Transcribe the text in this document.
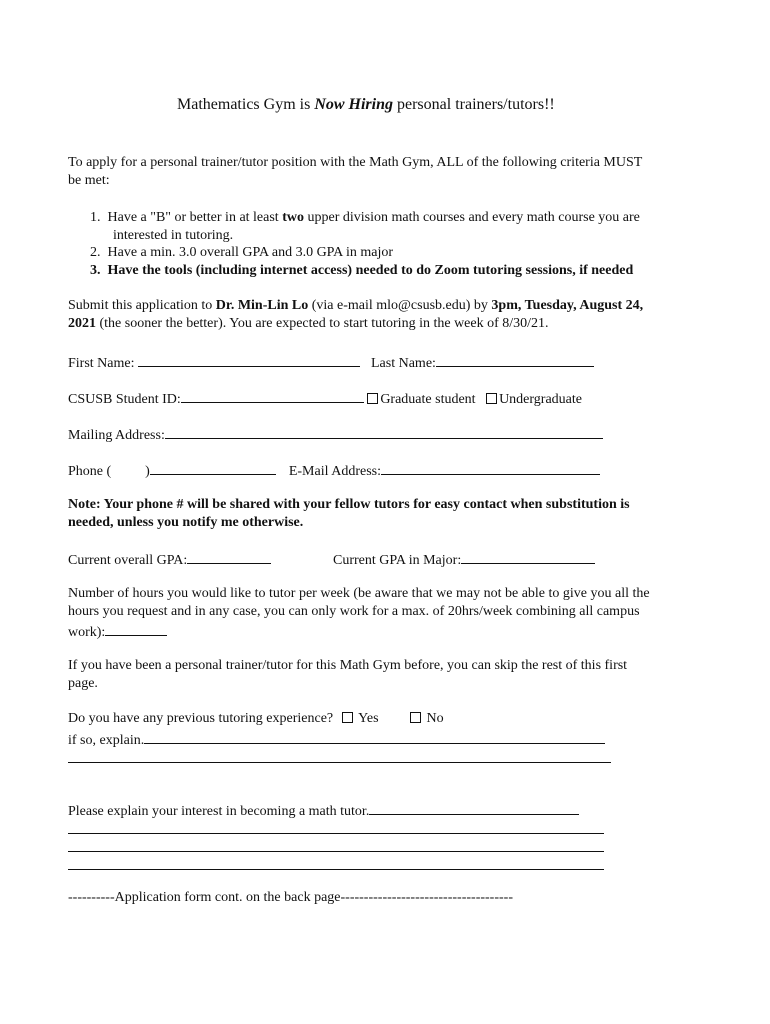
Mathematics Gym is Now Hiring personal trainers/tutors!!
To apply for a personal trainer/tutor position with the Math Gym, ALL of the following criteria MUST
be met:
1. Have a "B" or better in at least two upper division math courses and every math course you are
interested in tutoring.
2. Have a min. 3.0 overall GPA and 3.0 GPA in major
3. Have the tools (including internet access) needed to do Zoom tutoring sessions, if needed
Submit this application to Dr. Min-Lin Lo (via e-mail mlo@csusb.edu) by 3pm, Tuesday, August 24,
2021 (the sooner the better). You are expected to start tutoring in the week of 8/30/21.
First Name:	Last Name:
CSUSB Student ID:	Graduate student Undergraduate
Mailing Address:
Phone ( )	E-Mail Address:
Note: Your phone # will be shared with your fellow tutors for easy contact when substitution is
needed, unless you notify me otherwise.
Current overall GPA:	Current GPA in Major:
Number of hours you would like to tutor per week (be aware that we may not be able to give you all the
hours you request and in any case, you can only work for a max. of 20hrs/week combining all campus
work):
If you have been a personal trainer/tutor for this Math Gym before, you can skip the rest of this first
page.
Do you have any previous tutoring experience? Yes	No
if so, explain.
Please explain your interest in becoming a math tutor.
----------Application form cont. on the back page-------------------------------------
